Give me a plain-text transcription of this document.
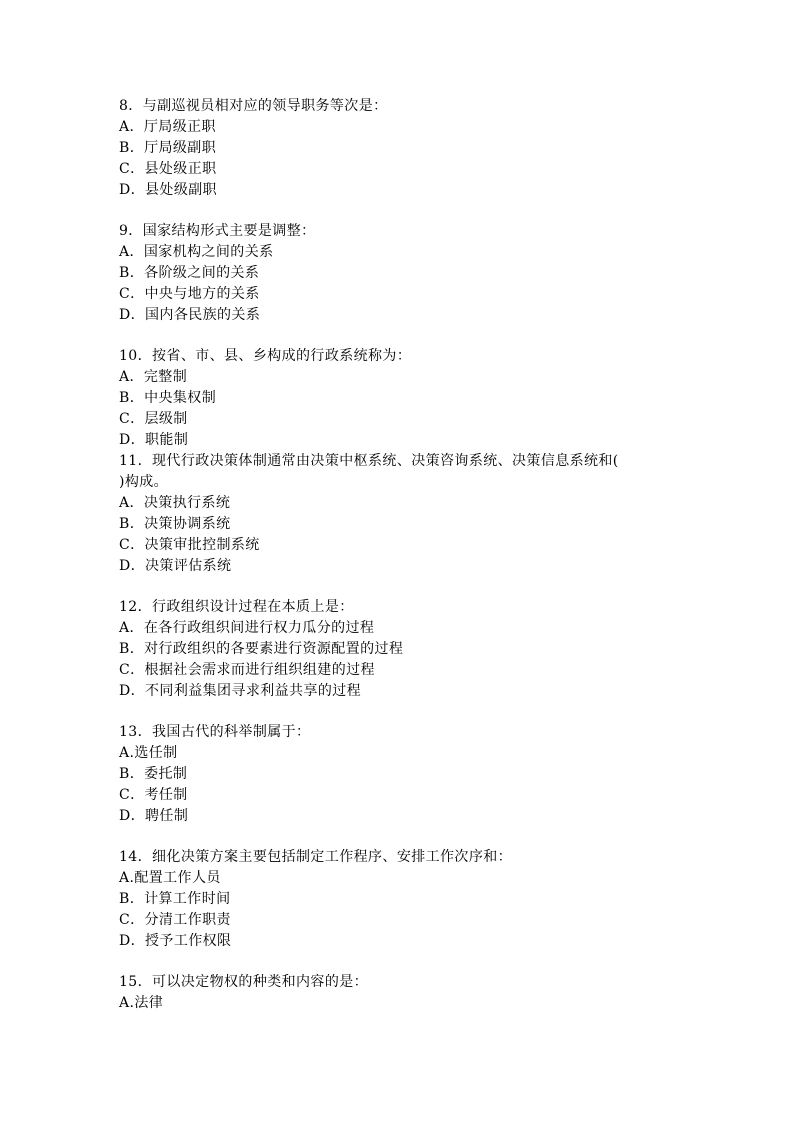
8．与副巡视员相对应的领导职务等次是：
A．厅局级正职
B．厅局级副职
C．县处级正职
D．县处级副职
9．国家结构形式主要是调整：
A．国家机构之间的关系
B．各阶级之间的关系
C．中央与地方的关系
D．国内各民族的关系
10．按省、市、县、乡构成的行政系统称为：
A．完整制
B．中央集权制
C．层级制
D．职能制
11．现代行政决策体制通常由决策中枢系统、决策咨询系统、决策信息系统和(
)构成。
A．决策执行系统
B．决策协调系统
C．决策审批控制系统
D．决策评估系统
12．行政组织设计过程在本质上是：
A．在各行政组织间进行权力瓜分的过程
B．对行政组织的各要素进行资源配置的过程
C．根据社会需求而进行组织组建的过程
D．不同利益集团寻求利益共享的过程
13．我国古代的科举制属于：
A.选任制
B．委托制
C．考任制
D．聘任制
14．细化决策方案主要包括制定工作程序、安排工作次序和：
A.配置工作人员
B．计算工作时间
C．分清工作职责
D．授予工作权限
15．可以决定物权的种类和内容的是：
A.法律
